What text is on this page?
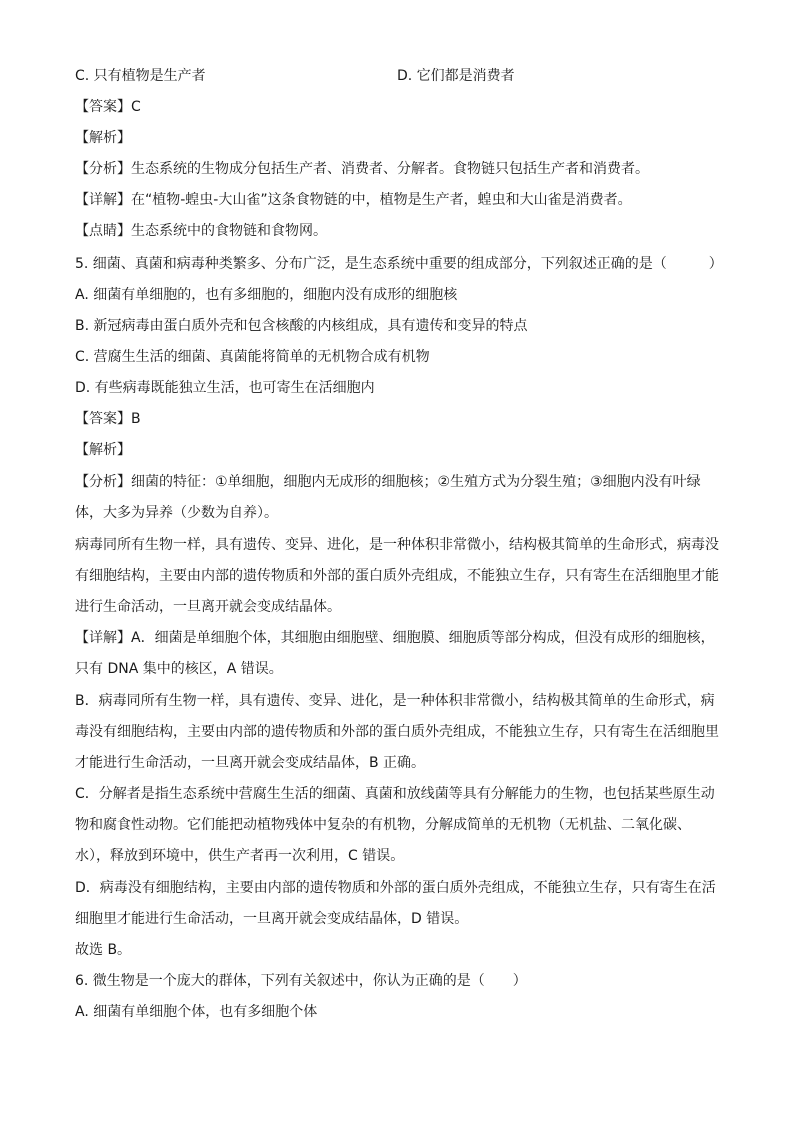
C. 只有植物是生产者	D. 它们都是消费者
【答案】C
【解析】
【分析】生态系统的生物成分包括生产者、消费者、分解者。食物链只包括生产者和消费者。
【详解】在“植物-蝗虫-大山雀”这条食物链的中，植物是生产者，蝗虫和大山雀是消费者。
【点睛】生态系统中的食物链和食物网。
5. 细菌、真菌和病毒种类繁多、分布广泛，是生态系统中重要的组成部分，下列叙述正确的是（　　　）
A. 细菌有单细胞的，也有多细胞的，细胞内没有成形的细胞核
B. 新冠病毒由蛋白质外壳和包含核酸的内核组成，具有遗传和变异的特点
C. 营腐生生活的细菌、真菌能将简单的无机物合成有机物
D. 有些病毒既能独立生活，也可寄生在活细胞内
【答案】B
【解析】
【分析】细菌的特征：①单细胞，细胞内无成形的细胞核；②生殖方式为分裂生殖；③细胞内没有叶绿
体，大多为异养（少数为自养）。
病毒同所有生物一样，具有遗传、变异、进化，是一种体积非常微小，结构极其简单的生命形式，病毒没
有细胞结构，主要由内部的遗传物质和外部的蛋白质外壳组成，不能独立生存，只有寄生在活细胞里才能
进行生命活动，一旦离开就会变成结晶体。
【详解】A．细菌是单细胞个体，其细胞由细胞壁、细胞膜、细胞质等部分构成，但没有成形的细胞核，
只有 DNA 集中的核区，A 错误。
B．病毒同所有生物一样，具有遗传、变异、进化，是一种体积非常微小，结构极其简单的生命形式，病
毒没有细胞结构，主要由内部的遗传物质和外部的蛋白质外壳组成，不能独立生存，只有寄生在活细胞里
才能进行生命活动，一旦离开就会变成结晶体，B 正确。
C．分解者是指生态系统中营腐生生活的细菌、真菌和放线菌等具有分解能力的生物，也包括某些原生动
物和腐食性动物。它们能把动植物残体中复杂的有机物，分解成简单的无机物（无机盐、二氧化碳、
水），释放到环境中，供生产者再一次利用，C 错误。
D．病毒没有细胞结构，主要由内部的遗传物质和外部的蛋白质外壳组成，不能独立生存，只有寄生在活
细胞里才能进行生命活动，一旦离开就会变成结晶体，D 错误。
故选 B。
6. 微生物是一个庞大的群体，下列有关叙述中，你认为正确的是（　　）
A. 细菌有单细胞个体，也有多细胞个体
